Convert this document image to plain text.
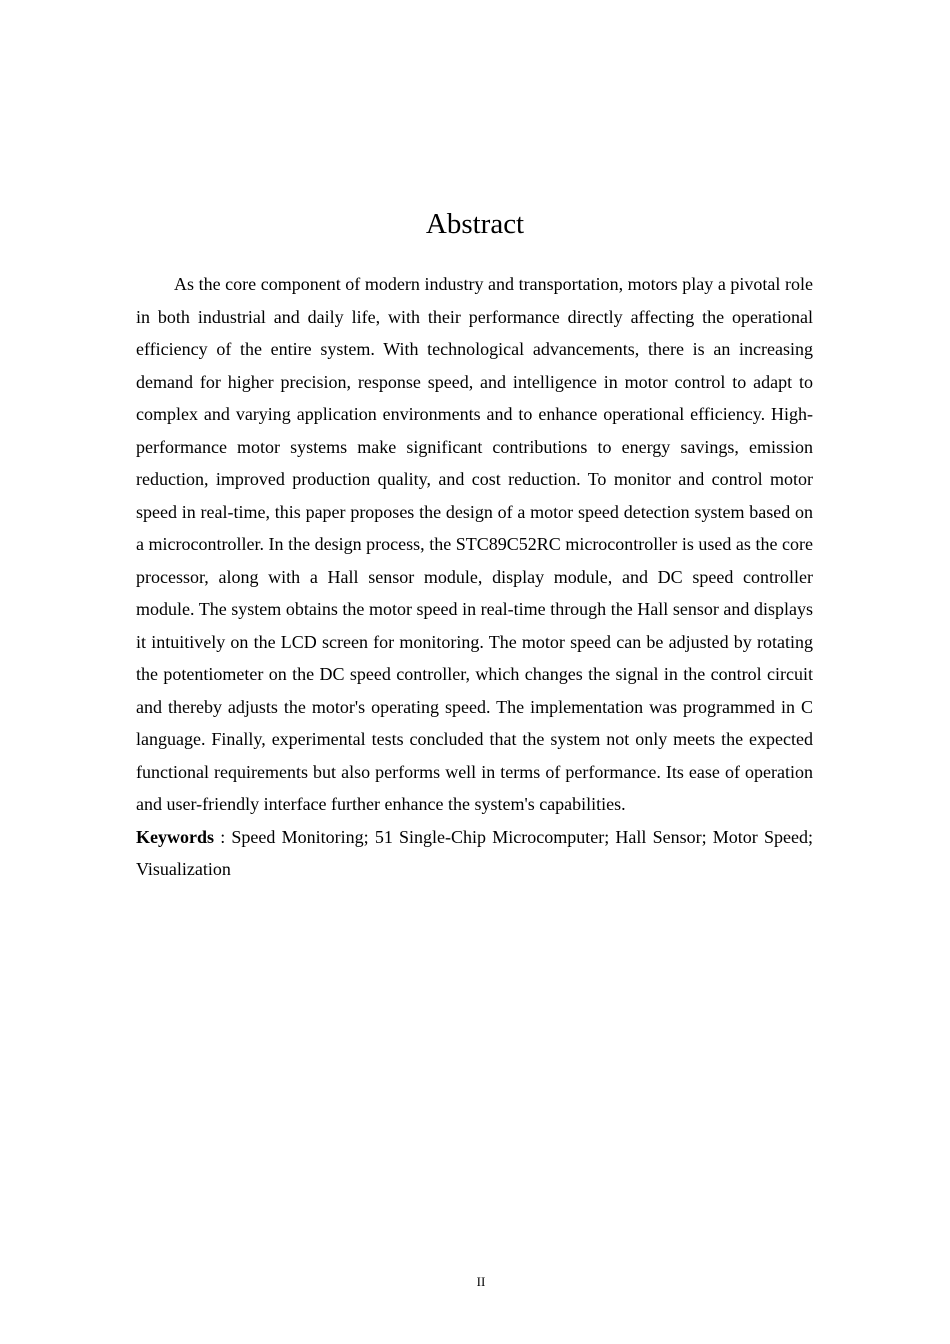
Abstract

As the core component of modern industry and transportation, motors play a pivotal role in both industrial and daily life, with their performance directly affecting the operational efficiency of the entire system. With technological advancements, there is an increasing demand for higher precision, response speed, and intelligence in motor control to adapt to complex and varying application environments and to enhance operational efficiency. High-performance motor systems make significant contributions to energy savings, emission reduction, improved production quality, and cost reduction. To monitor and control motor speed in real-time, this paper proposes the design of a motor speed detection system based on a microcontroller. In the design process, the STC89C52RC microcontroller is used as the core processor, along with a Hall sensor module, display module, and DC speed controller module. The system obtains the motor speed in real-time through the Hall sensor and displays it intuitively on the LCD screen for monitoring. The motor speed can be adjusted by rotating the potentiometer on the DC speed controller, which changes the signal in the control circuit and thereby adjusts the motor's operating speed. The implementation was programmed in C language. Finally, experimental tests concluded that the system not only meets the expected functional requirements but also performs well in terms of performance. Its ease of operation and user-friendly interface further enhance the system's capabilities.

Keywords : Speed Monitoring; 51 Single-Chip Microcomputer; Hall Sensor; Motor Speed; Visualization

II
